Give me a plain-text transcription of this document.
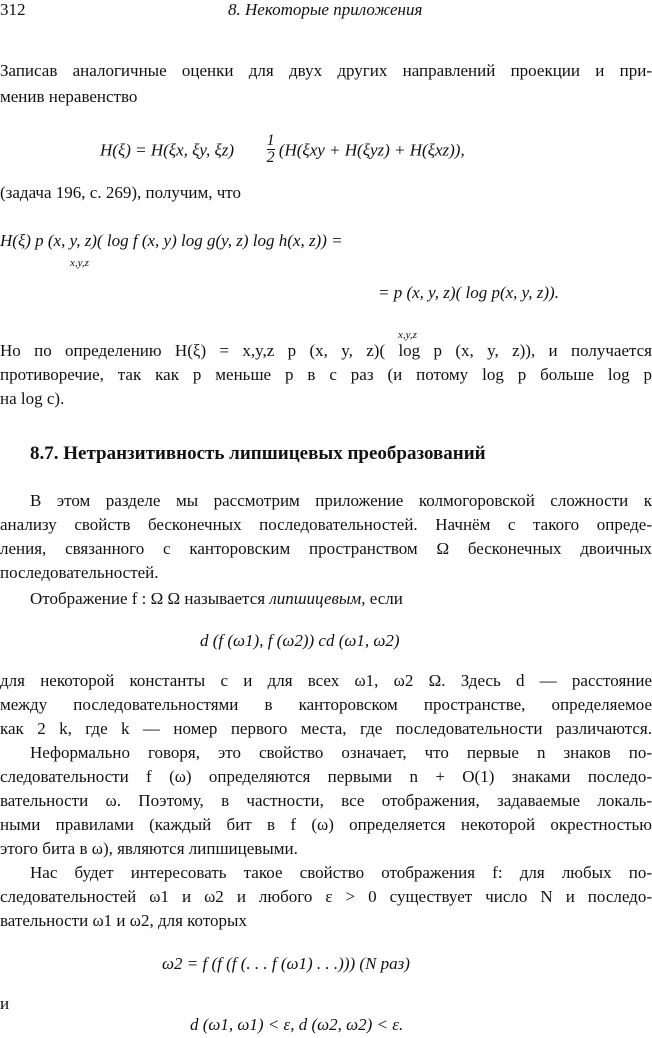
312	8. Некоторые приложения
Записав аналогичные оценки для двух других направлений проекции и при-
менив неравенство
H(ξ) = H(ξx, ξy, $\xi z) \frac{1}{2} (H(\xi xy + H(\xi yz) + H(\xi xz))$,
(задача 196, с. 269), получим, что
H(ξ) p (x, y, z)( log f (x, y) log g(y, z) log h(x, z)) =
x,y,z
= p (x, y, z)( log p(x, y, z)).
x,y,z
Но по определению H(ξ) = x,y,z p (x, y, z)( log p (x, y, z)), и получается
противоречие, так как p меньше p в c раз (и потому log p больше log p
на log c).
8.7. Нетранзитивность липшицевых преобразований
В этом разделе мы рассмотрим приложение колмогоровской сложности к
анализу свойств бесконечных последовательностей. Начнём с такого опреде-
ления, связанного с канторовским пространством Ω бесконечных двоичных
последовательностей.
Отображение f : Ω Ω называется липшицевым, если
d (f (ω1), f (ω2)) cd (ω1, ω2)
для некоторой константы c и для всех ω1, ω2 Ω. Здесь d — расстояние
между последовательностями в канторовском пространстве, определяемое
как 2 k, где k — номер первого места, где последовательности различаются.
Неформально говоря, это свойство означает, что первые n знаков по-
следовательности f (ω) определяются первыми n + O(1) знаками последо-
вательности ω. Поэтому, в частности, все отображения, задаваемые локаль-
ными правилами (каждый бит в f (ω) определяется некоторой окрестностью
этого бита в ω), являются липшицевыми.
Нас будет интересовать такое свойство отображения f: для любых по-
следовательностей ω1 и ω2 и любого ε > 0 существует число N и последо-
вательности ω1 и ω2, для которых
ω2 = f (f (f (. . . f (ω1) . . .))) (N раз)
и
d (ω1, ω1) < ε, d (ω2, ω2) < ε.
